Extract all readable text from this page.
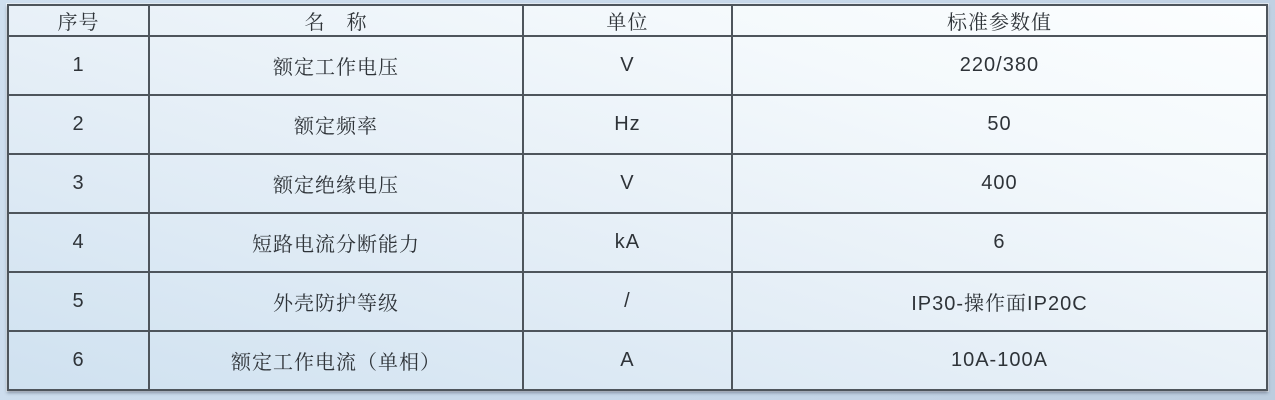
序号	名　称	单位	标准参数值
1	额定工作电压	V	220/380
2	额定频率	Hz	50
3	额定绝缘电压	V	400
4	短路电流分断能力	kA	6
5	外壳防护等级	/	IP30-操作面IP20C
6	额定工作电流（单相）	A	10A-100A
